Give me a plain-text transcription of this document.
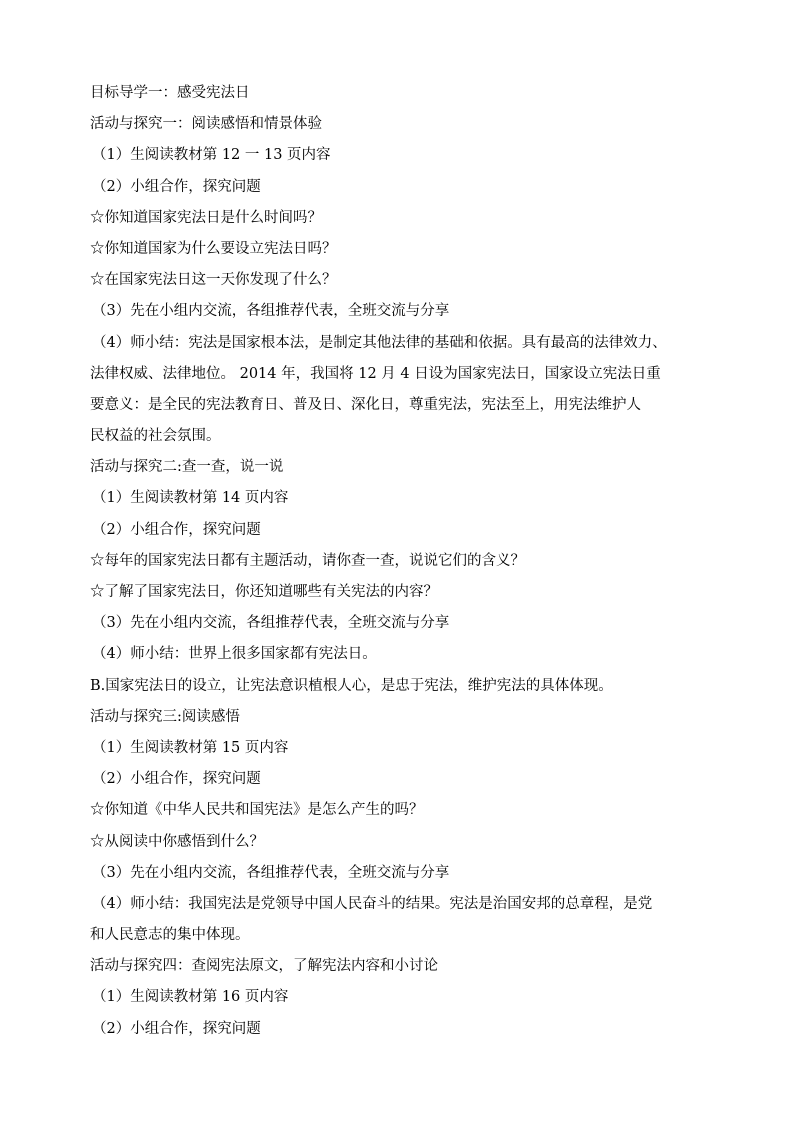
目标导学一：感受宪法日
活动与探究一：阅读感悟和情景体验
（1）生阅读教材第 12 一 13 页内容
（2）小组合作，探究问题
☆你知道国家宪法日是什么时间吗？
☆你知道国家为什么要设立宪法日吗？
☆在国家宪法日这一天你发现了什么？
（3）先在小组内交流，各组推荐代表，全班交流与分享
（4）师小结：宪法是国家根本法，是制定其他法律的基础和依据。具有最高的法律效力、
法律权威、法律地位。 2014 年，我国将 12 月 4 日设为国家宪法日，国家设立宪法日重
要意义：是全民的宪法教育日、普及日、深化日，尊重宪法，宪法至上，用宪法维护人
民权益的社会氛围。
活动与探究二:查一查，说一说
（1）生阅读教材第 14 页内容
（2）小组合作，探究问题
☆每年的国家宪法日都有主题活动，请你查一查，说说它们的含义？
☆了解了国家宪法日，你还知道哪些有关宪法的内容？
（3）先在小组内交流，各组推荐代表，全班交流与分享
（4）师小结：世界上很多国家都有宪法日。
B.国家宪法日的设立，让宪法意识植根人心，是忠于宪法，维护宪法的具体体现。
活动与探究三:阅读感悟
（1）生阅读教材第 15 页内容
（2）小组合作，探究问题
☆你知道《中华人民共和国宪法》是怎么产生的吗？
☆从阅读中你感悟到什么？
（3）先在小组内交流，各组推荐代表，全班交流与分享
（4）师小结：我国宪法是党领导中国人民奋斗的结果。宪法是治国安邦的总章程，是党
和人民意志的集中体现。
活动与探究四：查阅宪法原文，了解宪法内容和小讨论
（1）生阅读教材第 16 页内容
（2）小组合作，探究问题
